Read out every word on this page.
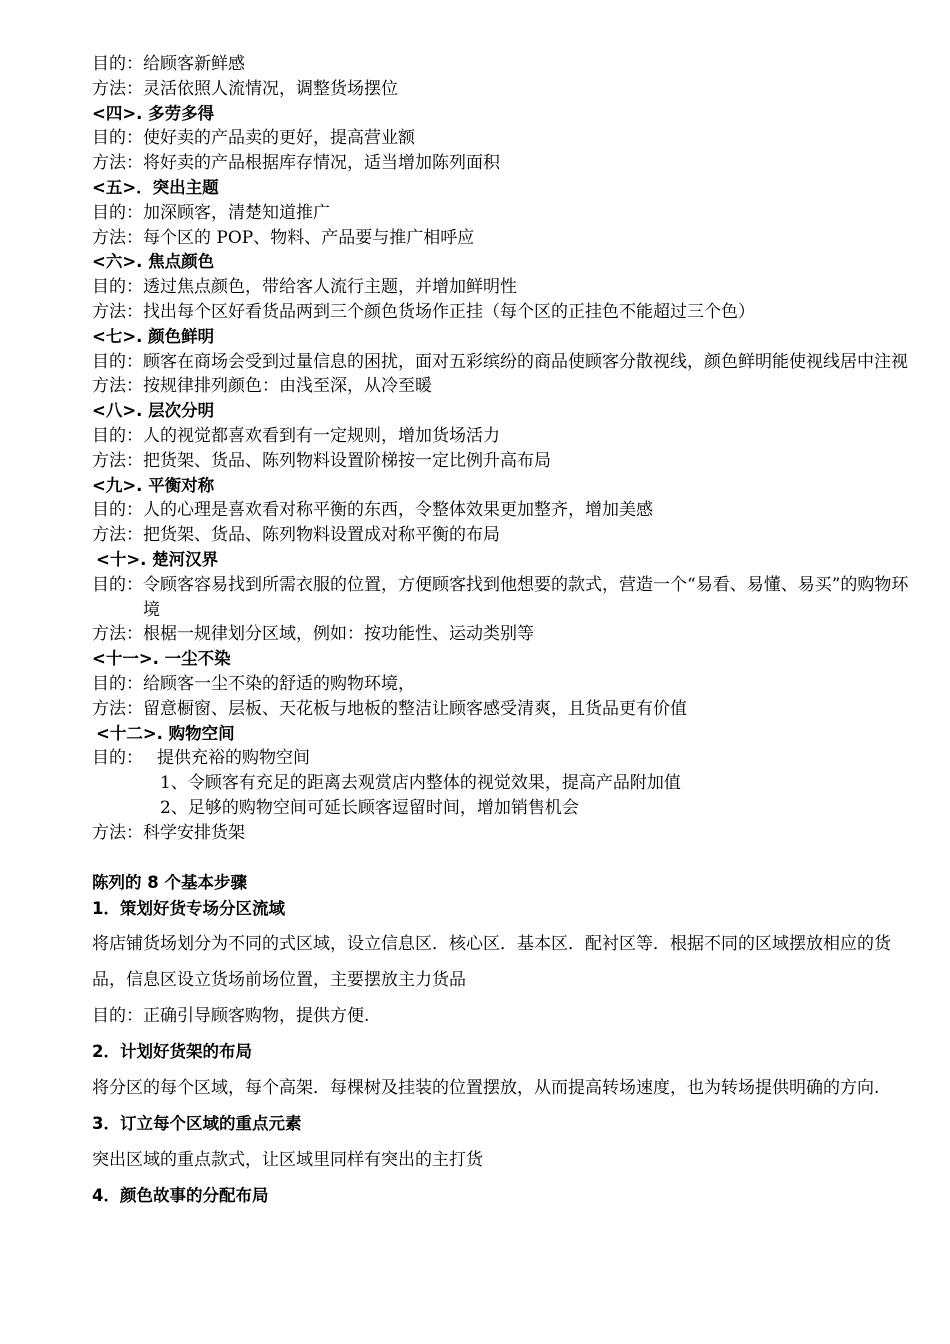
目的：给顾客新鲜感
方法：灵活依照人流情况，调整货场摆位
<四>. 多劳多得
目的：使好卖的产品卖的更好，提高营业额
方法：将好卖的产品根据库存情况，适当增加陈列面积
<五>．突出主题
目的：加深顾客，清楚知道推广
方法：每个区的 POP、物料、产品要与推广相呼应
<六>. 焦点颜色
目的：透过焦点颜色，带给客人流行主题，并增加鲜明性
方法：找出每个区好看货品两到三个颜色货场作正挂（每个区的正挂色不能超过三个色）
<七>. 颜色鲜明
目的：顾客在商场会受到过量信息的困扰，面对五彩缤纷的商品使顾客分散视线，颜色鲜明能使视线居中注视
方法：按规律排列颜色：由浅至深，从冷至暖
<八>. 层次分明
目的：人的视觉都喜欢看到有一定规则，增加货场活力
方法：把货架、货品、陈列物料设置阶梯按一定比例升高布局
<九>. 平衡对称
目的：人的心理是喜欢看对称平衡的东西，令整体效果更加整齐，增加美感
方法：把货架、货品、陈列物料设置成对称平衡的布局
<十>. 楚河汉界
目的：令顾客容易找到所需衣服的位置，方便顾客找到他想要的款式，营造一个“易看、易懂、易买”的购物环境
方法：根椐一规律划分区域，例如：按功能性、运动类别等
<十一>. 一尘不染
目的：给顾客一尘不染的舒适的购物环境，
方法：留意橱窗、层板、天花板与地板的整洁让顾客感受清爽，且货品更有价值
<十二>. 购物空间
目的： 提供充裕的购物空间
1、令顾客有充足的距离去观赏店内整体的视觉效果，提高产品附加值
2、足够的购物空间可延长顾客逗留时间，增加销售机会
方法：科学安排货架
陈列的 8 个基本步骤
1．策划好货专场分区流域
将店铺货场划分为不同的式区域，设立信息区．核心区．基本区．配衬区等．根据不同的区域摆放相应的货品，信息区设立货场前场位置，主要摆放主力货品
目的：正确引导顾客购物，提供方便.
2．计划好货架的布局
将分区的每个区域，每个高架．每棵树及挂装的位置摆放，从而提高转场速度，也为转场提供明确的方向.
3．订立每个区域的重点元素
突出区域的重点款式，让区域里同样有突出的主打货
4．颜色故事的分配布局
